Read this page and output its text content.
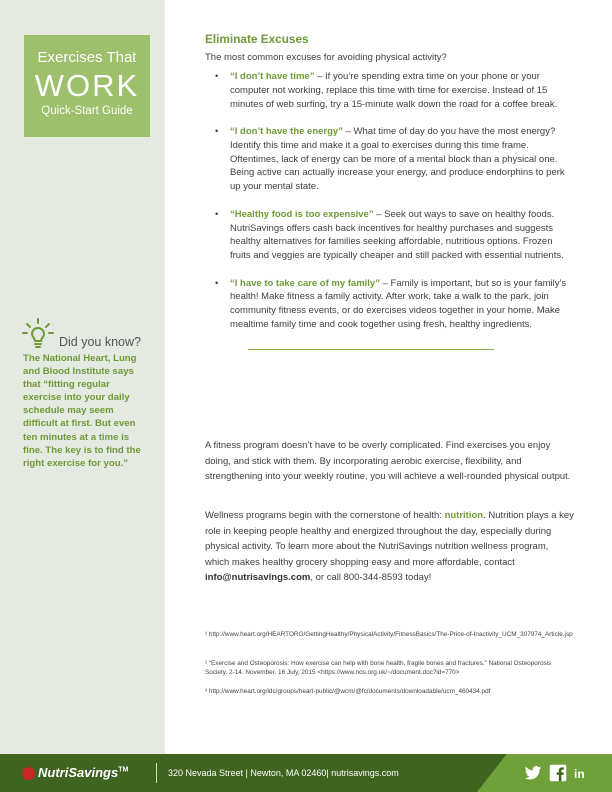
Exercises That
WORK
Quick-Start Guide
Did you know?

The National Heart, Lung and Blood Institute says that “fitting regular exercise into your daily schedule may seem difficult at first. But even ten minutes at a time is fine. The key is to find the right exercise for you.”

Eliminate Excuses

The most common excuses for avoiding physical activity?

• “I don’t have time” – If you’re spending extra time on your phone or your computer not working, replace this time with time for exercise. Instead of 15 minutes of web surfing, try a 15-minute walk down the road for a coffee break.
• “I don’t have the energy” – What time of day do you have the most energy? Identify this time and make it a goal to exercises during this time frame. Oftentimes, lack of energy can be more of a mental block than a physical one. Being active can actually increase your energy, and produce endorphins to perk up your mental state.
• “Healthy food is too expensive” – Seek out ways to save on healthy foods. NutriSavings offers cash back incentives for healthy purchases and suggests healthy alternatives for families seeking affordable, nutritious options. Frozen fruits and veggies are typically cheaper and still packed with essential nutrients.
• “I have to take care of my family” – Family is important, but so is your family’s health! Make fitness a family activity. After work, take a walk to the park, join community fitness events, or do exercises videos together in your home. Make mealtime family time and cook together using fresh, healthy ingredients.

A fitness program doesn’t have to be overly complicated. Find exercises you enjoy doing, and stick with them. By incorporating aerobic exercise, flexibility, and strengthening into your weekly routine, you will achieve a well-rounded physical output.

Wellness programs begin with the cornerstone of health: nutrition. Nutrition plays a key role in keeping people healthy and energized throughout the day, especially during physical activity. To learn more about the NutriSavings nutrition wellness program, which makes healthy grocery shopping easy and more affordable, contact info@nutrisavings.com, or call 800-344-8593 today!

¹ http://www.heart.org/HEARTORG/GettingHealthy/PhysicalActivity/FitnessBasics/The-Price-of-Inactivity_UCM_307974_Article.jsp

² “Exercise and Osteoporosis: How exercise can help with bone health, fragile bones and fractures.” National Osteoporosis Society. 2-14. November. 16 July, 2015 <https://www.nos.org.uk/~/document.doc?id=770>

³ http://www.heart.org/idc/groups/heart-public/@wcm/@fc/documents/downloadable/ucm_460434.pdf

NutriSavings™	320 Nevada Street | Newton, MA 02460| nutrisavings.com	in
